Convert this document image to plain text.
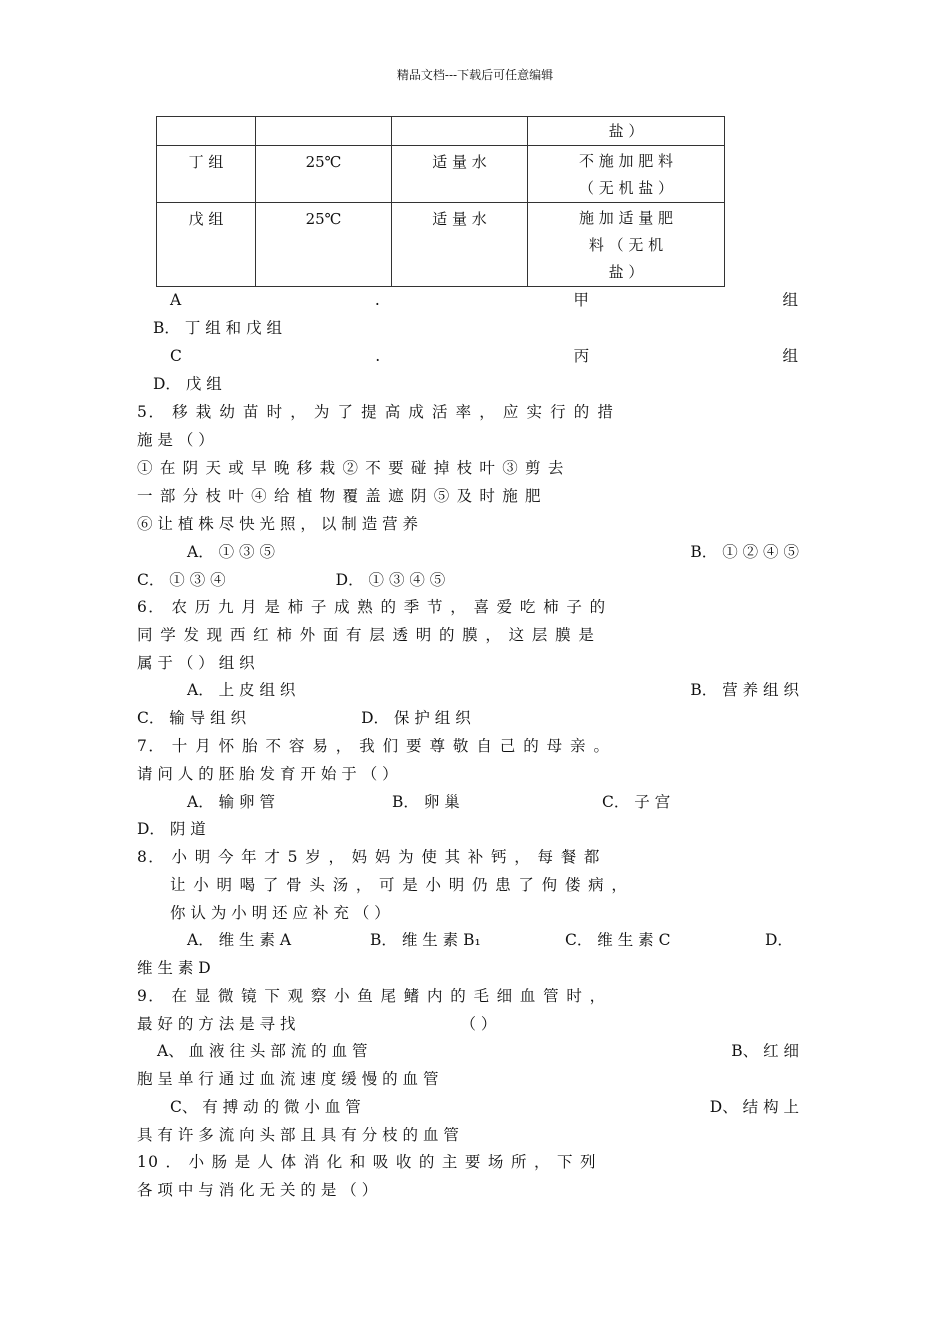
精品文档---下载后可任意编辑

			盐 ）

丁 组	25℃	适 量 水	不 施 加 肥 料
（ 无 机 盐 ）

戊 组	25℃	适 量 水	施 加 适 量 肥
料 （ 无 机
盐 ）
A	.	甲	组
B． 丁 组 和 戊 组
C	.	丙	组
D． 戊 组
5． 移 栽 幼 苗 时 ， 为 了 提 高 成 活 率 ， 应 实 行 的 措
施 是 （ ）
① 在 阴 天 或 早 晚 移 栽 ② 不 要 碰 掉 枝 叶 ③ 剪 去
一 部 分 枝 叶 ④ 给 植 物 覆 盖 遮 阴 ⑤ 及 时 施 肥
⑥ 让 植 株 尽 快 光 照 ， 以 制 造 营 养
A． ① ③ ⑤	B． ① ② ④ ⑤
C． ① ③ ④	D． ① ③ ④ ⑤
6． 农 历 九 月 是 柿 子 成 熟 的 季 节 ， 喜 爱 吃 柿 子 的
同 学 发 现 西 红 柿 外 面 有 层 透 明 的 膜 ， 这 层 膜 是
属 于 （ ） 组 织
A． 上 皮 组 织	B． 营 养 组 织
C． 输 导 组 织	D． 保 护 组 织
7． 十 月 怀 胎 不 容 易 ， 我 们 要 尊 敬 自 己 的 母 亲 。
请 问 人 的 胚 胎 发 育 开 始 于 （ ）
A． 输 卵 管	B． 卵 巢	C． 子 宫
D． 阴 道
8． 小 明 今 年 才 5 岁 ， 妈 妈 为 使 其 补 钙 ， 每 餐 都
让 小 明 喝 了 骨 头 汤 ， 可 是 小 明 仍 患 了 佝 偻 病 ，
你 认 为 小 明 还 应 补 充 （ ）
A． 维 生 素 A	B． 维 生 素 B₁	C． 维 生 素 C	D．
维 生 素 D
9． 在 显 微 镜 下 观 察 小 鱼 尾 鳍 内 的 毛 细 血 管 时 ，
最 好 的 方 法 是 寻 找	（ ）
A、 血 液 往 头 部 流 的 血 管	B、 红 细
胞 呈 单 行 通 过 血 流 速 度 缓 慢 的 血 管
C、 有 搏 动 的 微 小 血 管	D、 结 构 上
具 有 许 多 流 向 头 部 且 具 有 分 枝 的 血 管
10 ． 小 肠 是 人 体 消 化 和 吸 收 的 主 要 场 所 ， 下 列
各 项 中 与 消 化 无 关 的 是 （ ）
